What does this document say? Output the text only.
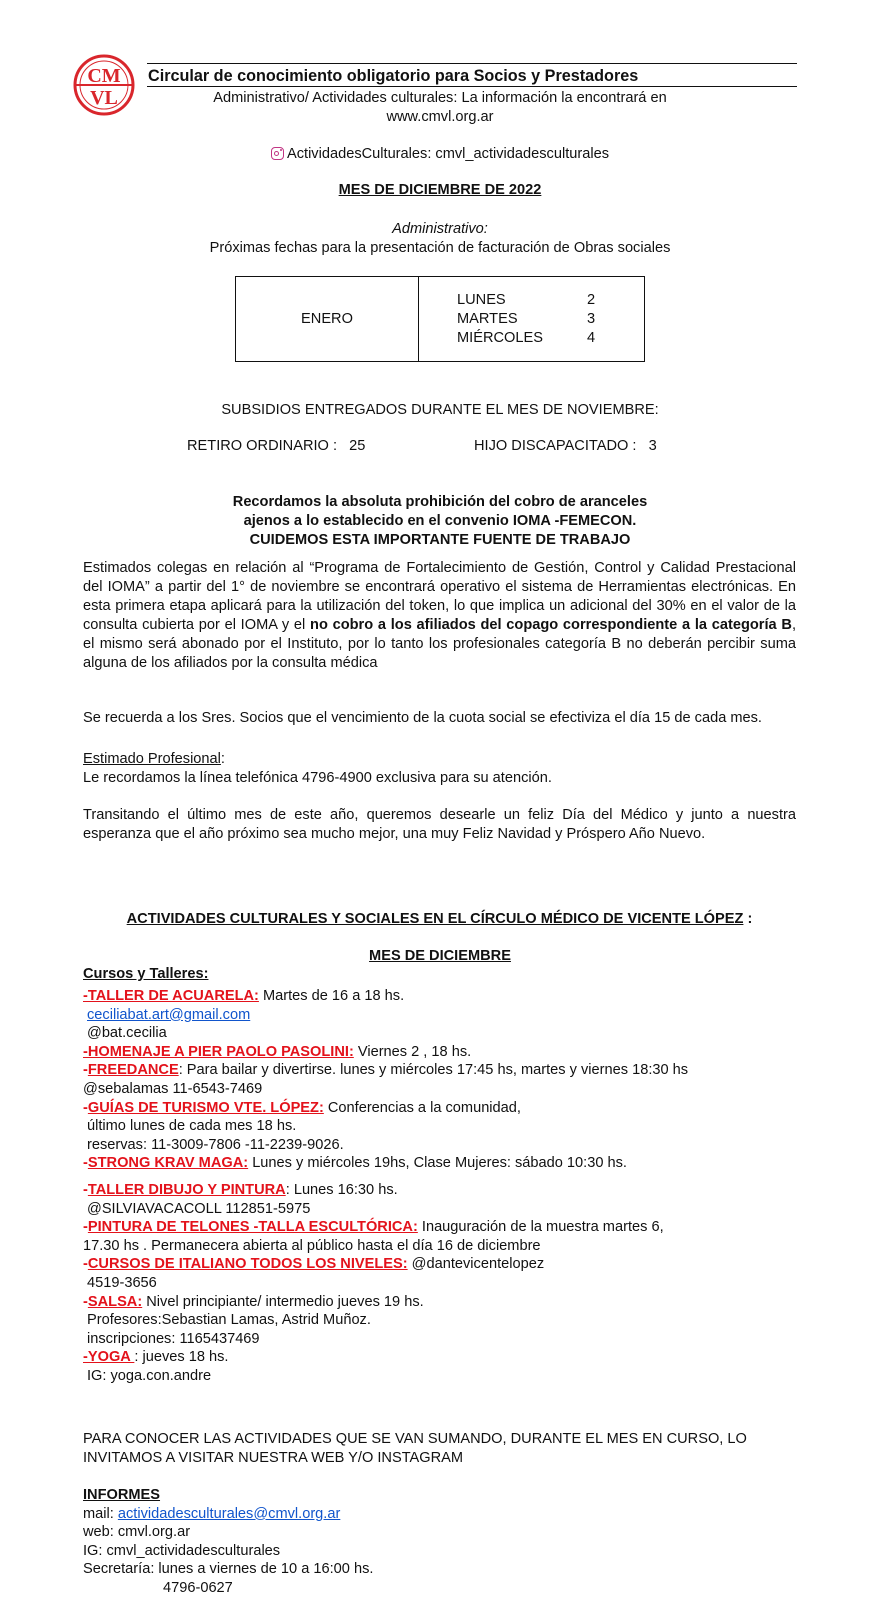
CM
VL
Circular de conocimiento obligatorio para Socios y Prestadores
Administrativo/ Actividades culturales: La información la encontrará en
www.cmvl.org.ar
ActividadesCulturales: cmvl_actividadesculturales
MES DE DICIEMBRE DE 2022
Administrativo:
Próximas fechas para la presentación de facturación de Obras sociales
ENERO	
LUNES	2
MARTES	3
MIÉRCOLES	4
SUBSIDIOS ENTREGADOS DURANTE EL MES DE NOVIEMBRE:
RETIRO ORDINARIO : 25	HIJO DISCAPACITADO : 3
Recordamos la absoluta prohibición del cobro de aranceles
ajenos a lo establecido en el convenio IOMA -FEMECON.
CUIDEMOS ESTA IMPORTANTE FUENTE DE TRABAJO
Estimados colegas en relación al “Programa de Fortalecimiento de Gestión, Control y Calidad Prestacional del IOMA” a partir del 1° de noviembre se encontrará operativo el sistema de Herramientas electrónicas. En esta primera etapa aplicará para la utilización del token, lo que implica un adicional del 30% en el valor de la consulta cubierta por el IOMA y el no cobro a los afiliados del copago correspondiente a la categoría B, el mismo será abonado por el Instituto, por lo tanto los profesionales categoría B no deberán percibir suma alguna de los afiliados por la consulta médica
Se recuerda a los Sres. Socios que el vencimiento de la cuota social se efectiviza el día 15 de cada mes.
Estimado Profesional:
Le recordamos la línea telefónica 4796-4900 exclusiva para su atención.
Transitando el último mes de este año, queremos desearle un feliz Día del Médico y junto a nuestra esperanza que el año próximo sea mucho mejor, una muy Feliz Navidad y Próspero Año Nuevo.
ACTIVIDADES CULTURALES Y SOCIALES EN EL CÍRCULO MÉDICO DE VICENTE LÓPEZ :
MES DE DICIEMBRE
Cursos y Talleres:
-TALLER DE ACUARELA: Martes de 16 a 18 hs.
ceciliabat.art@gmail.com
@bat.cecilia
-HOMENAJE A PIER PAOLO PASOLINI: Viernes 2 , 18 hs.
-FREEDANCE: Para bailar y divertirse. lunes y miércoles 17:45 hs, martes y viernes 18:30 hs
@sebalamas 11-6543-7469
-GUÍAS DE TURISMO VTE. LÓPEZ: Conferencias a la comunidad,
último lunes de cada mes 18 hs.
reservas: 11-3009-7806 -11-2239-9026.
-STRONG KRAV MAGA: Lunes y miércoles 19hs, Clase Mujeres: sábado 10:30 hs.
-TALLER DIBUJO Y PINTURA: Lunes 16:30 hs.
@SILVIAVACACOLL 112851-5975
-PINTURA DE TELONES -TALLA ESCULTÓRICA: Inauguración de la muestra martes 6,
17.30 hs . Permanecera abierta al público hasta el día 16 de diciembre
-CURSOS DE ITALIANO TODOS LOS NIVELES: @dantevicentelopez
4519-3656
-SALSA: Nivel principiante/ intermedio jueves 19 hs.
Profesores:Sebastian Lamas, Astrid Muñoz.
inscripciones: 1165437469
-YOGA : jueves 18 hs.
IG: yoga.con.andre
PARA CONOCER LAS ACTIVIDADES QUE SE VAN SUMANDO, DURANTE EL MES EN CURSO, LO INVITAMOS A VISITAR NUESTRA WEB Y/O INSTAGRAM
INFORMES
mail: actividadesculturales@cmvl.org.ar
web: cmvl.org.ar
IG: cmvl_actividadesculturales
Secretaría: lunes a viernes de 10 a 16:00 hs.
4796-0627
